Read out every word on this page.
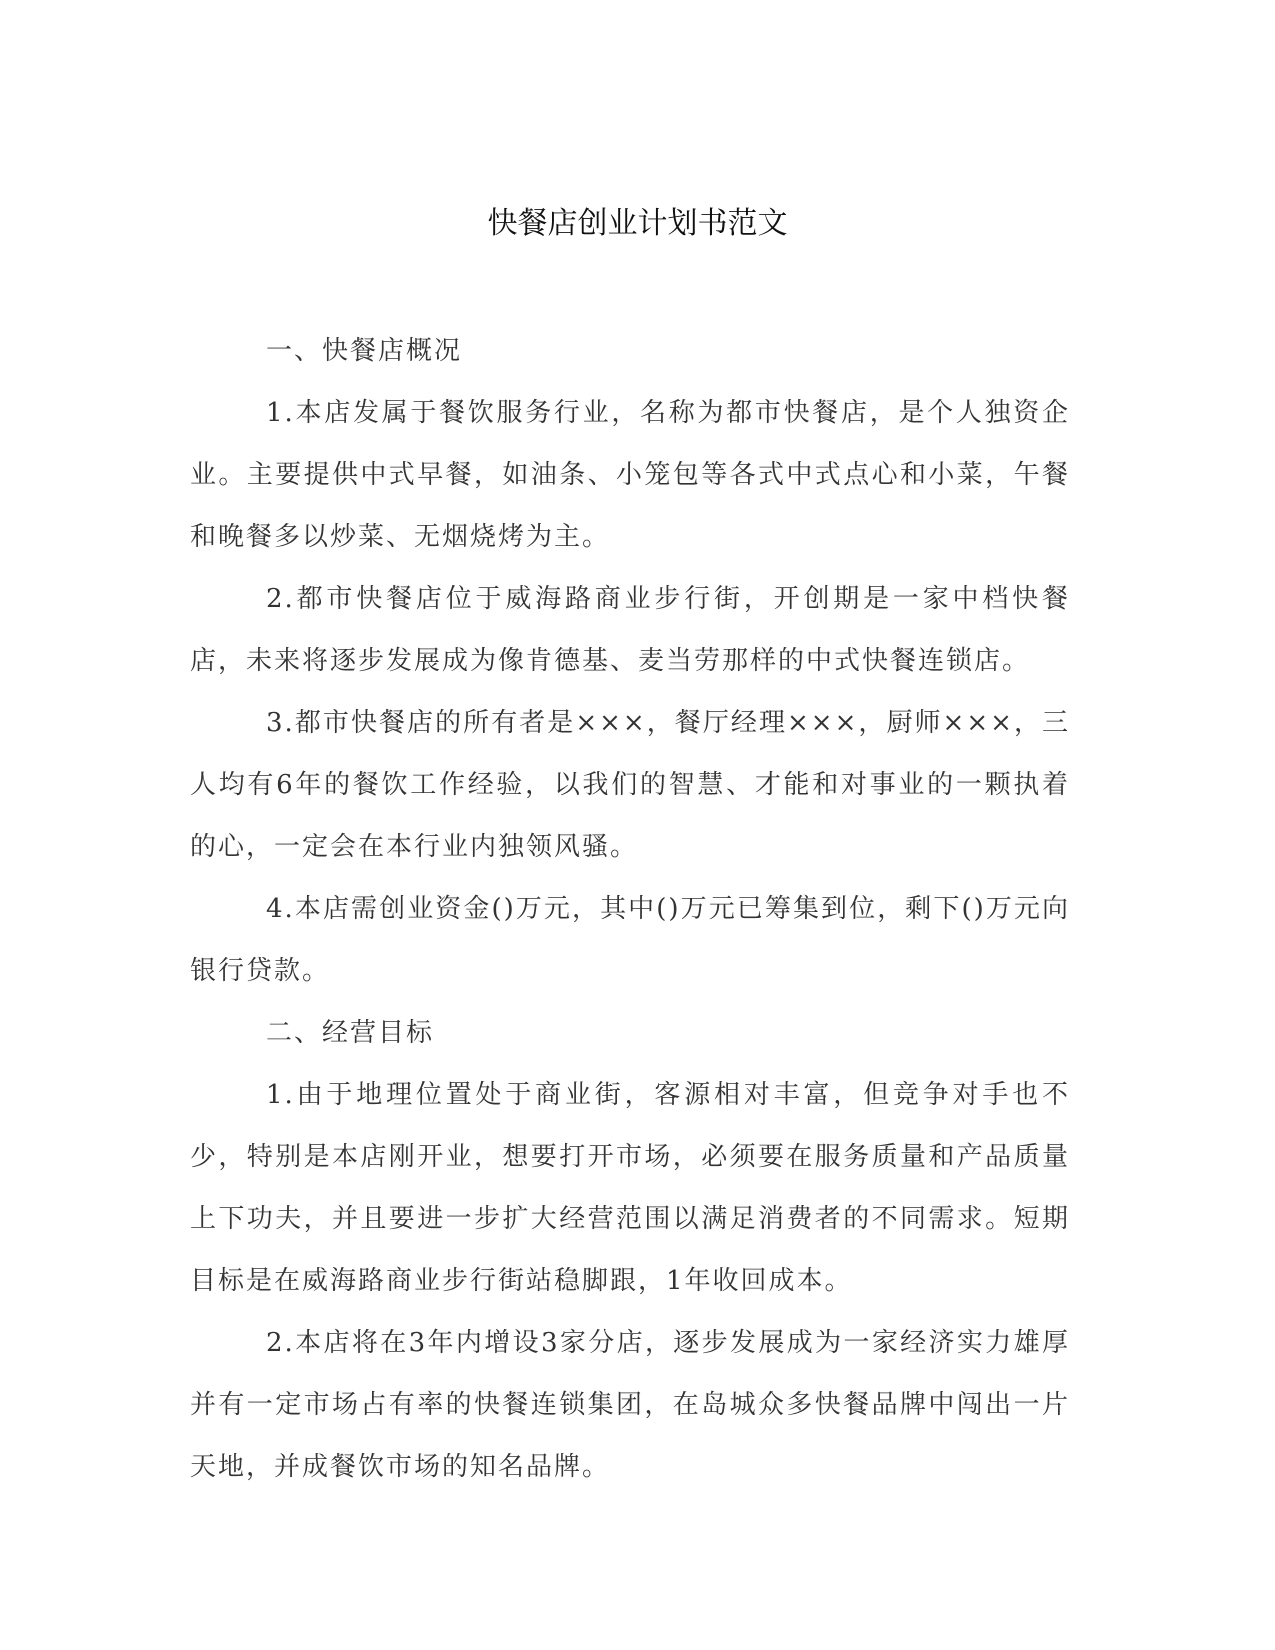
快餐店创业计划书范文

一、快餐店概况

1.本店发属于餐饮服务行业，名称为都市快餐店，是个人独资企业。主要提供中式早餐，如油条、小笼包等各式中式点心和小菜，午餐和晚餐多以炒菜、无烟烧烤为主。

2.都市快餐店位于威海路商业步行街，开创期是一家中档快餐店，未来将逐步发展成为像肯德基、麦当劳那样的中式快餐连锁店。

3.都市快餐店的所有者是×××，餐厅经理×××，厨师×××，三人均有6年的餐饮工作经验，以我们的智慧、才能和对事业的一颗执着的心，一定会在本行业内独领风骚。

4.本店需创业资金()万元，其中()万元已筹集到位，剩下()万元向银行贷款。

二、经营目标

1.由于地理位置处于商业街，客源相对丰富，但竞争对手也不少，特别是本店刚开业，想要打开市场，必须要在服务质量和产品质量上下功夫，并且要进一步扩大经营范围以满足消费者的不同需求。短期目标是在威海路商业步行街站稳脚跟，1年收回成本。

2.本店将在3年内增设3家分店，逐步发展成为一家经济实力雄厚并有一定市场占有率的快餐连锁集团，在岛城众多快餐品牌中闯出一片天地，并成餐饮市场的知名品牌。
